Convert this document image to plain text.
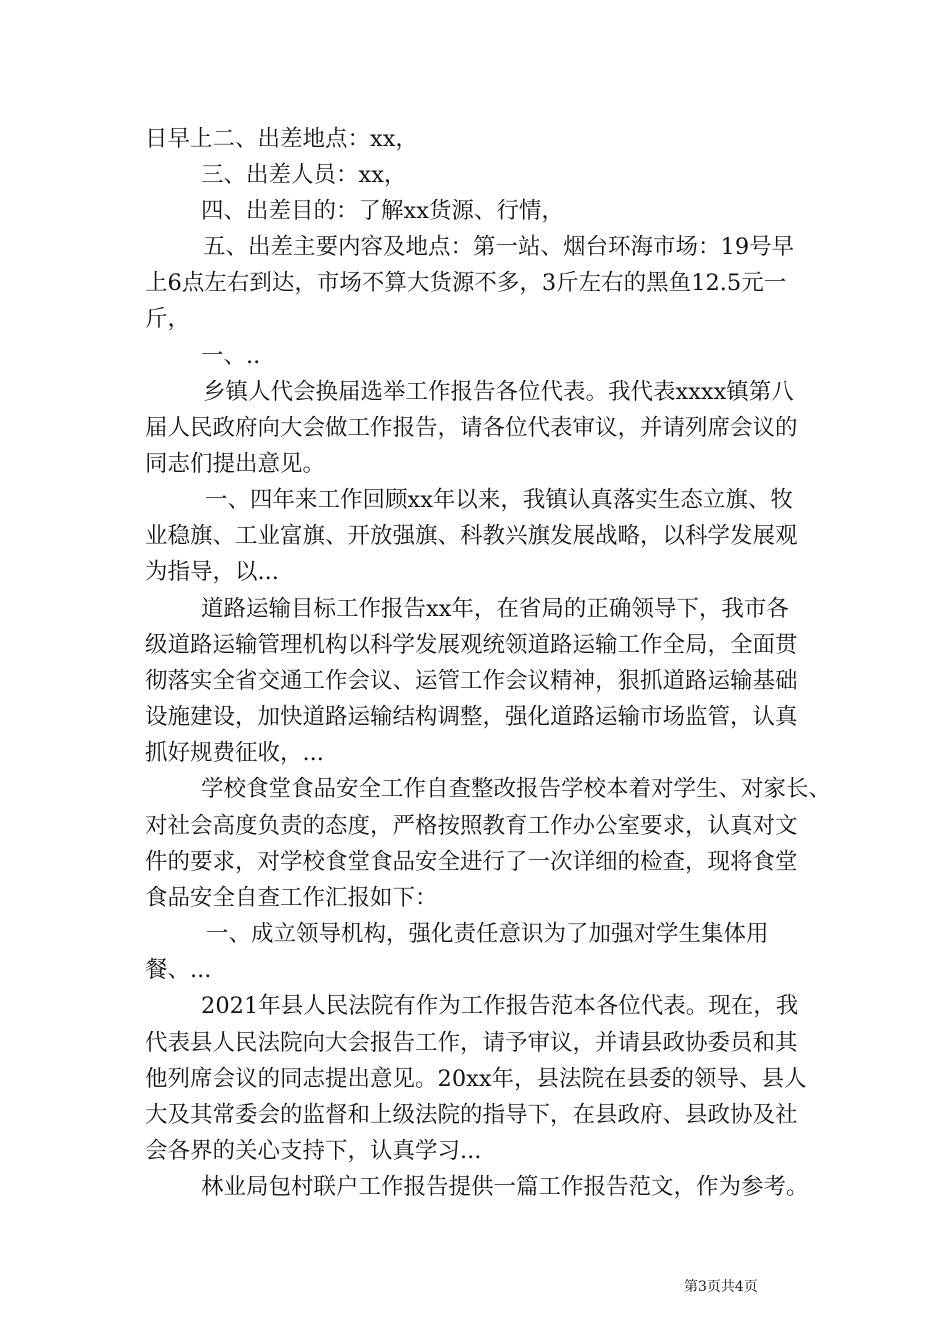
日早上二、出差地点：xx，
三、出差人员：xx，
四、出差目的：了解xx货源、行情，
五、出差主要内容及地点：第一站、烟台环海市场：19号早
上6点左右到达，市场不算大货源不多，3斤左右的黑鱼12.5元一
斤，
一、..
乡镇人代会换届选举工作报告各位代表。我代表xxxx镇第八
届人民政府向大会做工作报告，请各位代表审议，并请列席会议的
同志们提出意见。
一、四年来工作回顾xx年以来，我镇认真落实生态立旗、牧
业稳旗、工业富旗、开放强旗、科教兴旗发展战略，以科学发展观
为指导，以...
道路运输目标工作报告xx年，在省局的正确领导下，我市各
级道路运输管理机构以科学发展观统领道路运输工作全局，全面贯
彻落实全省交通工作会议、运管工作会议精神，狠抓道路运输基础
设施建设，加快道路运输结构调整，强化道路运输市场监管，认真
抓好规费征收，...
学校食堂食品安全工作自查整改报告学校本着对学生、对家长、
对社会高度负责的态度，严格按照教育工作办公室要求，认真对文
件的要求，对学校食堂食品安全进行了一次详细的检查，现将食堂
食品安全自查工作汇报如下：
一、成立领导机构，强化责任意识为了加强对学生集体用
餐、...
2021年县人民法院有作为工作报告范本各位代表。现在，我
代表县人民法院向大会报告工作，请予审议，并请县政协委员和其
他列席会议的同志提出意见。20xx年，县法院在县委的领导、县人
大及其常委会的监督和上级法院的指导下，在县政府、县政协及社
会各界的关心支持下，认真学习...
林业局包村联户工作报告提供一篇工作报告范文，作为参考。
第3页共4页
